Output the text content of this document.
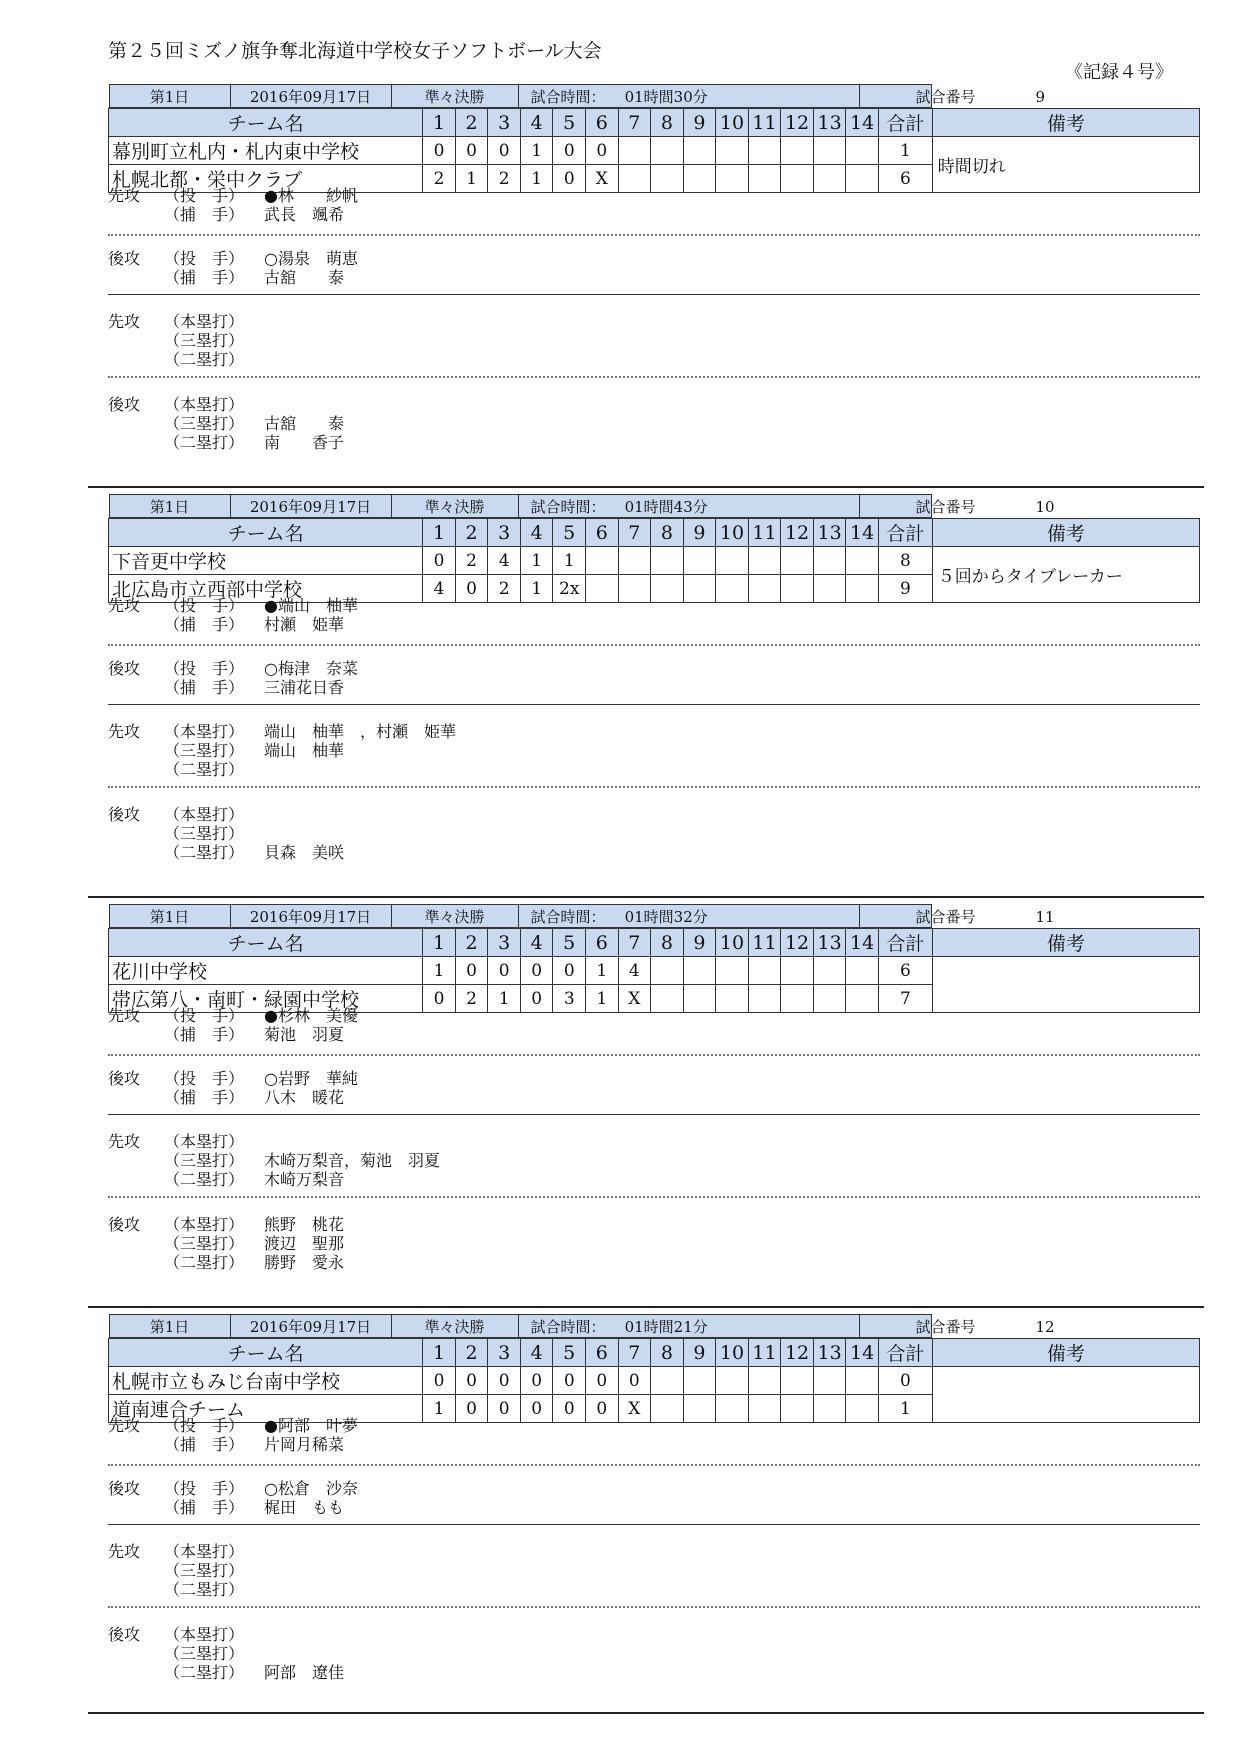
第２５回ミズノ旗争奪北海道中学校女子ソフトボール大会
《記録４号》
第1日	2016年09月17日	準々決勝	試合時間： 01時間30分	試合番号	9

チーム名	1	2	3	4	5	6	7	8	9	10	11	12	13	14	合計	備考
幕別町立札内・札内東中学校	0	0	0	1	0	0									1	時間切れ
札幌北都・栄中クラブ	2	1	2	1	0	X									6
先攻 （投　手） ●林　　紗帆
（捕　手） 武長　颯希
後攻 （投　手） ○湯泉　萌恵
（捕　手） 古舘　　泰
先攻 （本塁打）
（三塁打）
（二塁打）
後攻 （本塁打）
（三塁打） 古舘　　泰
（二塁打） 南　　香子
第1日	2016年09月17日	準々決勝	試合時間： 01時間43分	試合番号	10

チーム名	1	2	3	4	5	6	7	8	9	10	11	12	13	14	合計	備考
下音更中学校	0	2	4	1	1										8	５回からタイブレーカー
北広島市立西部中学校	4	0	2	1	2x										9
先攻 （投　手） ●端山　柚華
（捕　手） 村瀬　姫華
後攻 （投　手） ○梅津　奈菜
（捕　手） 三浦花日香
先攻 （本塁打） 端山　柚華　，村瀬　姫華
（三塁打） 端山　柚華
（二塁打）
後攻 （本塁打）
（三塁打）
（二塁打） 貝森　美咲
第1日	2016年09月17日	準々決勝	試合時間： 01時間32分	試合番号	11

チーム名	1	2	3	4	5	6	7	8	9	10	11	12	13	14	合計	備考
花川中学校	1	0	0	0	0	1	4								6	
帯広第八・南町・緑園中学校	0	2	1	0	3	1	X								7
先攻 （投　手） ●杉林　美優
（捕　手） 菊池　羽夏
後攻 （投　手） ○岩野　華純
（捕　手） 八木　暖花
先攻 （本塁打）
（三塁打） 木崎万梨音，菊池　羽夏
（二塁打） 木崎万梨音
後攻 （本塁打） 熊野　桃花
（三塁打） 渡辺　聖那
（二塁打） 勝野　愛永
第1日	2016年09月17日	準々決勝	試合時間： 01時間21分	試合番号	12

チーム名	1	2	3	4	5	6	7	8	9	10	11	12	13	14	合計	備考
札幌市立もみじ台南中学校	0	0	0	0	0	0	0								0	
道南連合チーム	1	0	0	0	0	0	X								1
先攻 （投　手） ●阿部　叶夢
（捕　手） 片岡月稀菜
後攻 （投　手） ○松倉　沙奈
（捕　手） 梶田　もも
先攻 （本塁打）
（三塁打）
（二塁打）
後攻 （本塁打）
（三塁打）
（二塁打） 阿部　遼佳
